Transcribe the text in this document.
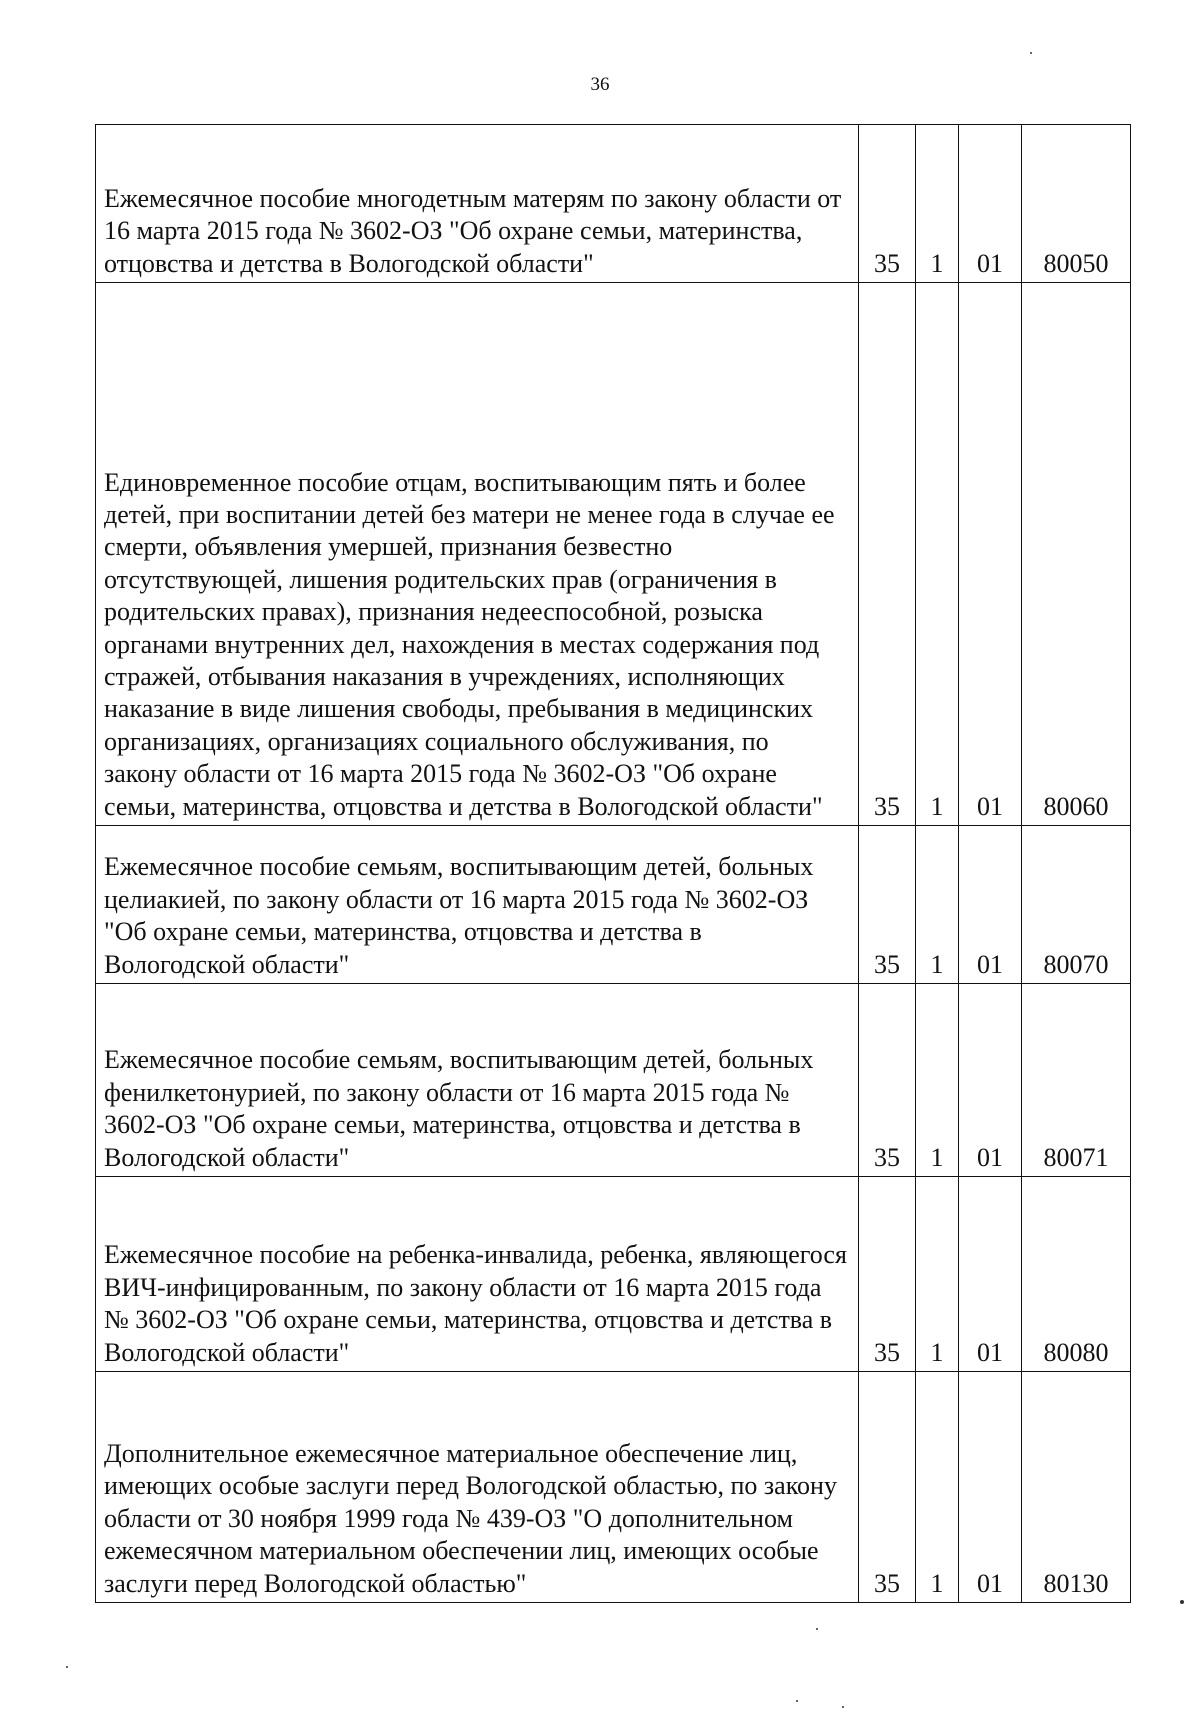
36
Ежемесячное пособие многодетным матерям по закону области от 16 марта 2015 года № 3602-ОЗ "Об охране семьи, материнства, отцовства и детства в Вологодской области"	35	1	01	80050
Единовременное пособие отцам, воспитывающим пять и более детей, при воспитании детей без матери не менее года в случае ее смерти, объявления умершей, признания безвестно отсутствующей, лишения родительских прав (ограничения в родительских правах), признания недееспособной, розыска органами внутренних дел, нахождения в местах содержания под стражей, отбывания наказания в учреждениях, исполняющих наказание в виде лишения свободы, пребывания в медицинских организациях, организациях социального обслуживания, по закону области от 16 марта 2015 года № 3602-ОЗ "Об охране семьи, материнства, отцовства и детства в Вологодской области"	35	1	01	80060
Ежемесячное пособие семьям, воспитывающим детей, больных целиакией, по закону области от 16 марта 2015 года № 3602-ОЗ "Об охране семьи, материнства, отцовства и детства в Вологодской области"	35	1	01	80070
Ежемесячное пособие семьям, воспитывающим детей, больных фенилкетонурией, по закону области от 16 марта 2015 года № 3602-ОЗ "Об охране семьи, материнства, отцовства и детства в Вологодской области"	35	1	01	80071
Ежемесячное пособие на ребенка-инвалида, ребенка, являющегося ВИЧ-инфицированным, по закону области от 16 марта 2015 года № 3602-ОЗ "Об охране семьи, материнства, отцовства и детства в Вологодской области"	35	1	01	80080
Дополнительное ежемесячное материальное обеспечение лиц, имеющих особые заслуги перед Вологодской областью, по закону области от 30 ноября 1999 года № 439-ОЗ "О дополнительном ежемесячном материальном обеспечении лиц, имеющих особые заслуги перед Вологодской областью"	35	1	01	80130
